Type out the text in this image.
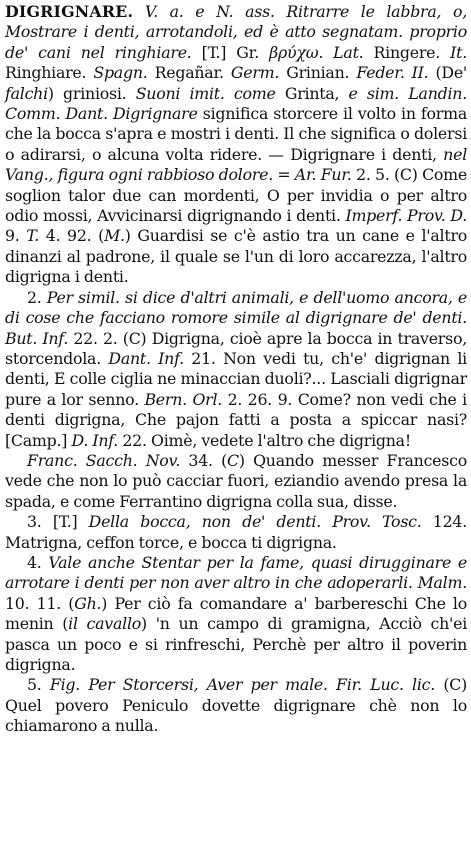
DIGRIGNARE. V. a. e N. ass. Ritrarre le labbra, o, Mostrare i denti, arrotandoli, ed è atto segnatam. proprio de' cani nel ringhiare. [T.] Gr. βρύχω. Lat. Ringere. It. Ringhiare. Spagn. Regañar. Germ. Grinian. Feder. II. (De' falchi) griniosi. Suoni imit. come Grinta, e sim. Landin. Comm. Dant. Digrignare significa storcere il volto in forma che la bocca s'apra e mostri i denti. Il che significa o dolersi o adirarsi, o alcuna volta ridere. — Digrignare i denti, nel Vang., figura ogni rabbioso dolore. = Ar. Fur. 2. 5. (C) Come soglion talor due can mordenti, O per invidia o per altro odio mossi, Avvicinarsi digrignando i denti. Imperf. Prov. D. 9. T. 4. 92. (M.) Guardisi se c'è astio tra un cane e l'altro dinanzi al padrone, il quale se l'un di loro accarezza, l'altro digrigna i denti.

2. Per simil. si dice d'altri animali, e dell'uomo ancora, e di cose che facciano romore simile al digrignare de' denti. But. Inf. 22. 2. (C) Digrigna, cioè apre la bocca in traverso, storcendola. Dant. Inf. 21. Non vedi tu, ch'e' digrignan li denti, E colle ciglia ne minaccian duoli?... Lasciali digrignar pure a lor senno. Bern. Orl. 2. 26. 9. Come? non vedi che i denti digrigna, Che pajon fatti a posta a spiccar nasi? [Camp.] D. Inf. 22. Oimè, vedete l'altro che digrigna!

Franc. Sacch. Nov. 34. (C) Quando messer Francesco vede che non lo può cacciar fuori, eziandio avendo presa la spada, e come Ferrantino digrigna colla sua, disse.

3. [T.] Della bocca, non de' denti. Prov. Tosc. 124. Matrigna, ceffon torce, e bocca ti digrigna.

4. Vale anche Stentar per la fame, quasi dirugginare e arrotare i denti per non aver altro in che adoperarli. Malm. 10. 11. (Gh.) Per ciò fa comandare a' barbereschi Che lo menin (il cavallo) 'n un campo di gramigna, Acciò ch'ei pasca un poco e si rinfreschi, Perchè per altro il poverin digrigna.

5. Fig. Per Storcersi, Aver per male. Fir. Luc. lic. (C) Quel povero Peniculo dovette digrignare chè non lo chiamarono a nulla.
